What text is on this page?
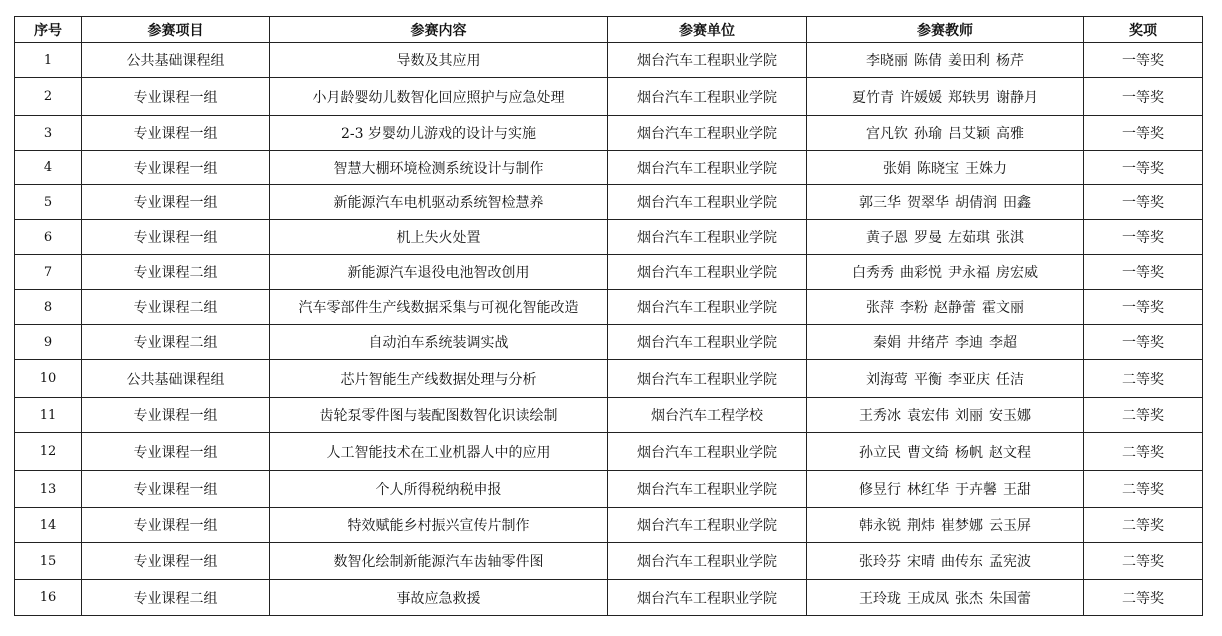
序号	参赛项目	参赛内容	参赛单位	参赛教师	奖项
1	公共基础课程组	导数及其应用	烟台汽车工程职业学院	李晓丽 陈倩 姜田利 杨芹	一等奖
2	专业课程一组	小月龄婴幼儿数智化回应照护与应急处理	烟台汽车工程职业学院	夏竹青 许媛媛 郑轶男 谢静月	一等奖
3	专业课程一组	2-3 岁婴幼儿游戏的设计与实施	烟台汽车工程职业学院	宫凡钦 孙瑜 吕艾颖 高雅	一等奖
4	专业课程一组	智慧大棚环境检测系统设计与制作	烟台汽车工程职业学院	张娟 陈晓宝 王姝力	一等奖
5	专业课程一组	新能源汽车电机驱动系统智检慧养	烟台汽车工程职业学院	郭三华 贺翠华 胡倩润 田鑫	一等奖
6	专业课程一组	机上失火处置	烟台汽车工程职业学院	黄子恩 罗曼 左茹琪 张淇	一等奖
7	专业课程二组	新能源汽车退役电池智改创用	烟台汽车工程职业学院	白秀秀 曲彩悦 尹永福 房宏威	一等奖
8	专业课程二组	汽车零部件生产线数据采集与可视化智能改造	烟台汽车工程职业学院	张萍 李粉 赵静蕾 霍文丽	一等奖
9	专业课程二组	自动泊车系统装调实战	烟台汽车工程职业学院	秦娟 井绪芹 李迪 李超	一等奖
10	公共基础课程组	芯片智能生产线数据处理与分析	烟台汽车工程职业学院	刘海莺 平衡 李亚庆 任洁	二等奖
11	专业课程一组	齿轮泵零件图与装配图数智化识读绘制	烟台汽车工程学校	王秀冰 袁宏伟 刘丽 安玉娜	二等奖
12	专业课程一组	人工智能技术在工业机器人中的应用	烟台汽车工程职业学院	孙立民 曹文绮 杨帆 赵文程	二等奖
13	专业课程一组	个人所得税纳税申报	烟台汽车工程职业学院	修昱行 林红华 于卉馨 王甜	二等奖
14	专业课程一组	特效赋能乡村振兴宣传片制作	烟台汽车工程职业学院	韩永锐 荆炜 崔梦娜 云玉屏	二等奖
15	专业课程一组	数智化绘制新能源汽车齿轴零件图	烟台汽车工程职业学院	张玲芬 宋晴 曲传东 孟宪波	二等奖
16	专业课程二组	事故应急救援	烟台汽车工程职业学院	王玲珑 王成凤 张杰 朱国蕾	二等奖
